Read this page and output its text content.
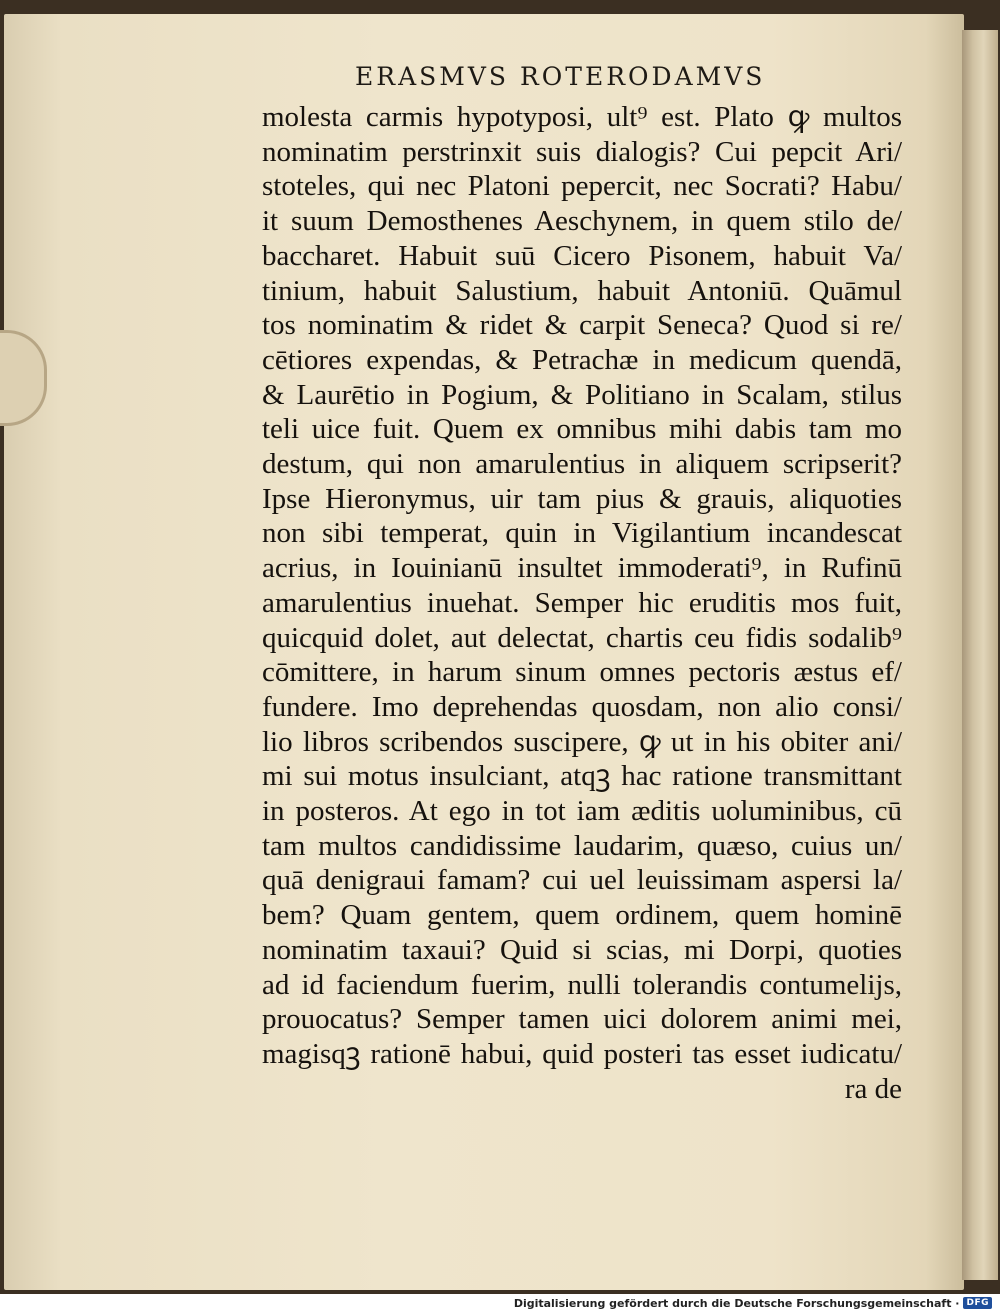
ERASMVS ROTERODAMVS
molesta carmis hypotyposi, ult⁹ est. Plato ꝙ multos
nominatim perstrinxit suis dialogis? Cui pepcit Ari/
stoteles, qui nec Platoni pepercit, nec Socrati? Habu/
it suum Demosthenes Aeschynem, in quem stilo de/
baccharet. Habuit suū Cicero Pisonem, habuit Va/
tinium, habuit Salustium, habuit Antoniū. Quāmul
tos nominatim & ridet & carpit Seneca? Quod si re/
cētiores expendas, & Petrachæ in medicum quendā,
& Laurētio in Pogium, & Politiano in Scalam, stilus
teli uice fuit. Quem ex omnibus mihi dabis tam mo
destum, qui non amarulentius in aliquem scripserit?
Ipse Hieronymus, uir tam pius & grauis, aliquoties
non sibi temperat, quin in Vigilantium incandescat
acrius, in Iouinianū insultet immoderati⁹, in Rufinū
amarulentius inuehat. Semper hic eruditis mos fuit,
quicquid dolet, aut delectat, chartis ceu fidis sodalib⁹
cōmittere, in harum sinum omnes pectoris æstus ef/
fundere. Imo deprehendas quosdam, non alio consi/
lio libros scribendos suscipere, ꝙ ut in his obiter ani/
mi sui motus insulciant, atqꝫ hac ratione transmittant
in posteros. At ego in tot iam æditis uoluminibus, cū
tam multos candidissime laudarim, quæso, cuius un/
quā denigraui famam? cui uel leuissimam aspersi la/
bem? Quam gentem, quem ordinem, quem hominē
nominatim taxaui? Quid si scias, mi Dorpi, quoties
ad id faciendum fuerim, nulli tolerandis contumelijs,
prouocatus? Semper tamen uici dolorem animi mei,
magisqꝫ rationē habui, quid posteri tas esset iudicatu/
ra de
Digitalisierung gefördert durch die Deutsche Forschungsgemeinschaft · DFG
